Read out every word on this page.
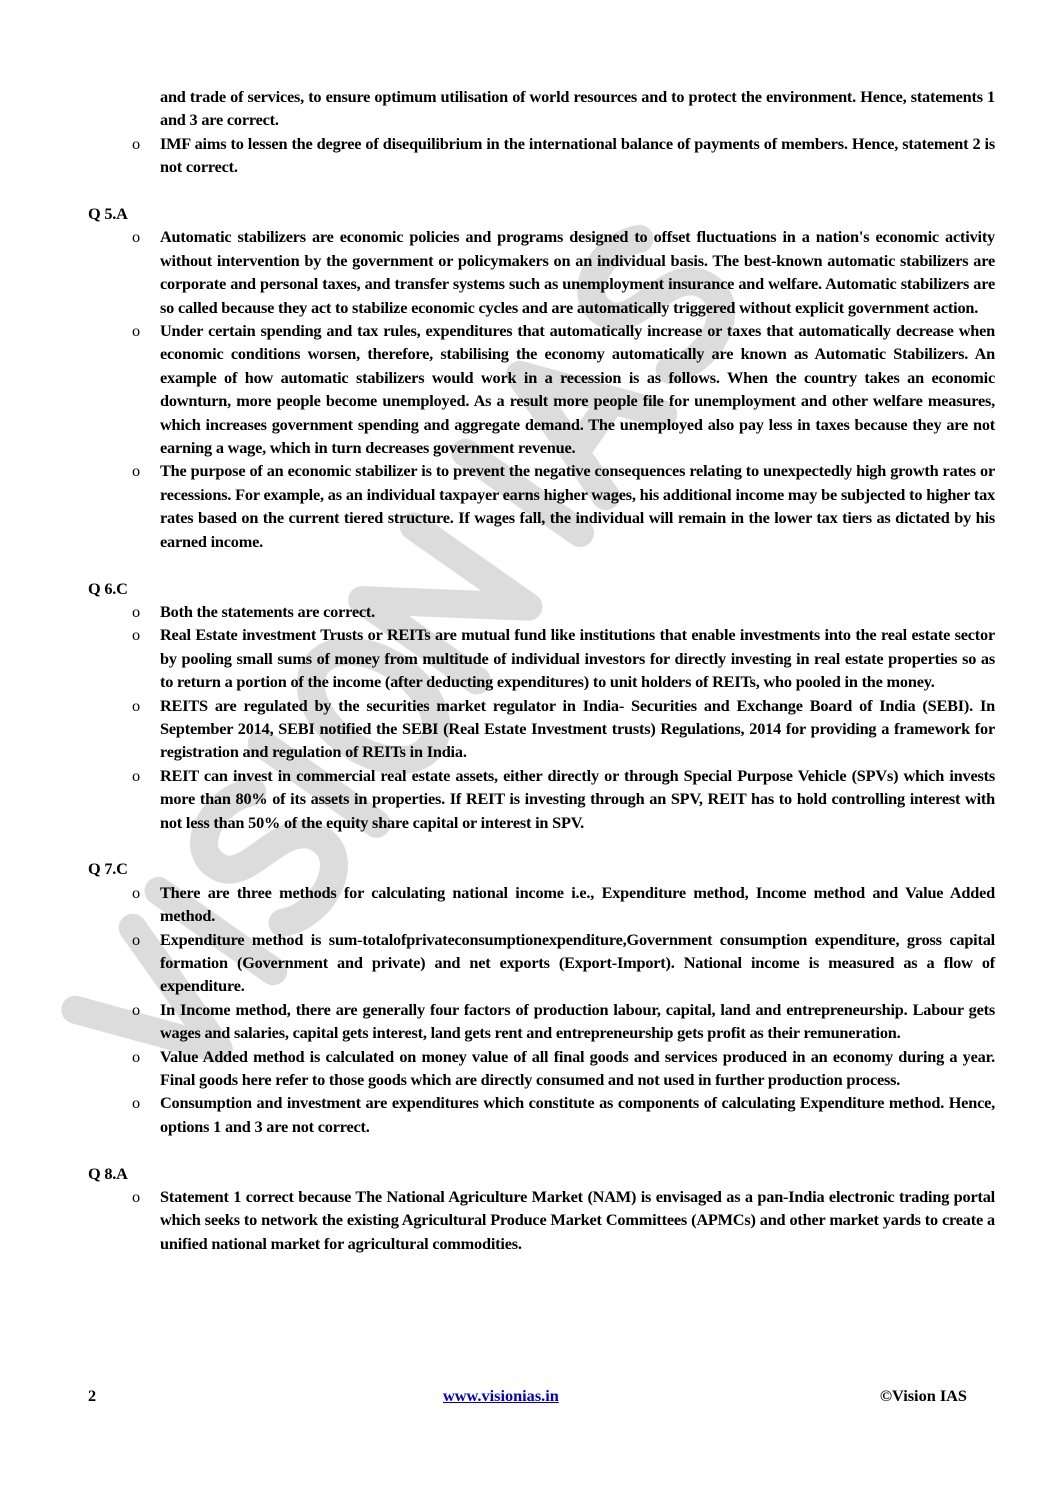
and trade of services, to ensure optimum utilisation of world resources and to protect the environment. Hence, statements 1 and 3 are correct.
o IMF aims to lessen the degree of disequilibrium in the international balance of payments of members. Hence, statement 2 is not correct.
Q 5.A
o Automatic stabilizers are economic policies and programs designed to offset fluctuations in a nation's economic activity without intervention by the government or policymakers on an individual basis. The best-known automatic stabilizers are corporate and personal taxes, and transfer systems such as unemployment insurance and welfare. Automatic stabilizers are so called because they act to stabilize economic cycles and are automatically triggered without explicit government action.
o Under certain spending and tax rules, expenditures that automatically increase or taxes that automatically decrease when economic conditions worsen, therefore, stabilising the economy automatically are known as Automatic Stabilizers. An example of how automatic stabilizers would work in a recession is as follows. When the country takes an economic downturn, more people become unemployed. As a result more people file for unemployment and other welfare measures, which increases government spending and aggregate demand. The unemployed also pay less in taxes because they are not earning a wage, which in turn decreases government revenue.
o The purpose of an economic stabilizer is to prevent the negative consequences relating to unexpectedly high growth rates or recessions. For example, as an individual taxpayer earns higher wages, his additional income may be subjected to higher tax rates based on the current tiered structure. If wages fall, the individual will remain in the lower tax tiers as dictated by his earned income.
Q 6.C
o Both the statements are correct.
o Real Estate investment Trusts or REITs are mutual fund like institutions that enable investments into the real estate sector by pooling small sums of money from multitude of individual investors for directly investing in real estate properties so as to return a portion of the income (after deducting expenditures) to unit holders of REITs, who pooled in the money.
o REITS are regulated by the securities market regulator in India- Securities and Exchange Board of India (SEBI). In September 2014, SEBI notified the SEBI (Real Estate Investment trusts) Regulations, 2014 for providing a framework for registration and regulation of REITs in India.
o REIT can invest in commercial real estate assets, either directly or through Special Purpose Vehicle (SPVs) which invests more than 80% of its assets in properties. If REIT is investing through an SPV, REIT has to hold controlling interest with not less than 50% of the equity share capital or interest in SPV.
Q 7.C
o There are three methods for calculating national income i.e., Expenditure method, Income method and Value Added method.
o Expenditure method is sum-totalofprivateconsumptionexpenditure,Government consumption expenditure, gross capital formation (Government and private) and net exports (Export-Import). National income is measured as a flow of expenditure.
o In Income method, there are generally four factors of production labour, capital, land and entrepreneurship. Labour gets wages and salaries, capital gets interest, land gets rent and entrepreneurship gets profit as their remuneration.
o Value Added method is calculated on money value of all final goods and services produced in an economy during a year. Final goods here refer to those goods which are directly consumed and not used in further production process.
o Consumption and investment are expenditures which constitute as components of calculating Expenditure method. Hence, options 1 and 3 are not correct.
Q 8.A
o Statement 1 correct because The National Agriculture Market (NAM) is envisaged as a pan-India electronic trading portal which seeks to network the existing Agricultural Produce Market Committees (APMCs) and other market yards to create a unified national market for agricultural commodities.
2	www.visionias.in	©Vision IAS
